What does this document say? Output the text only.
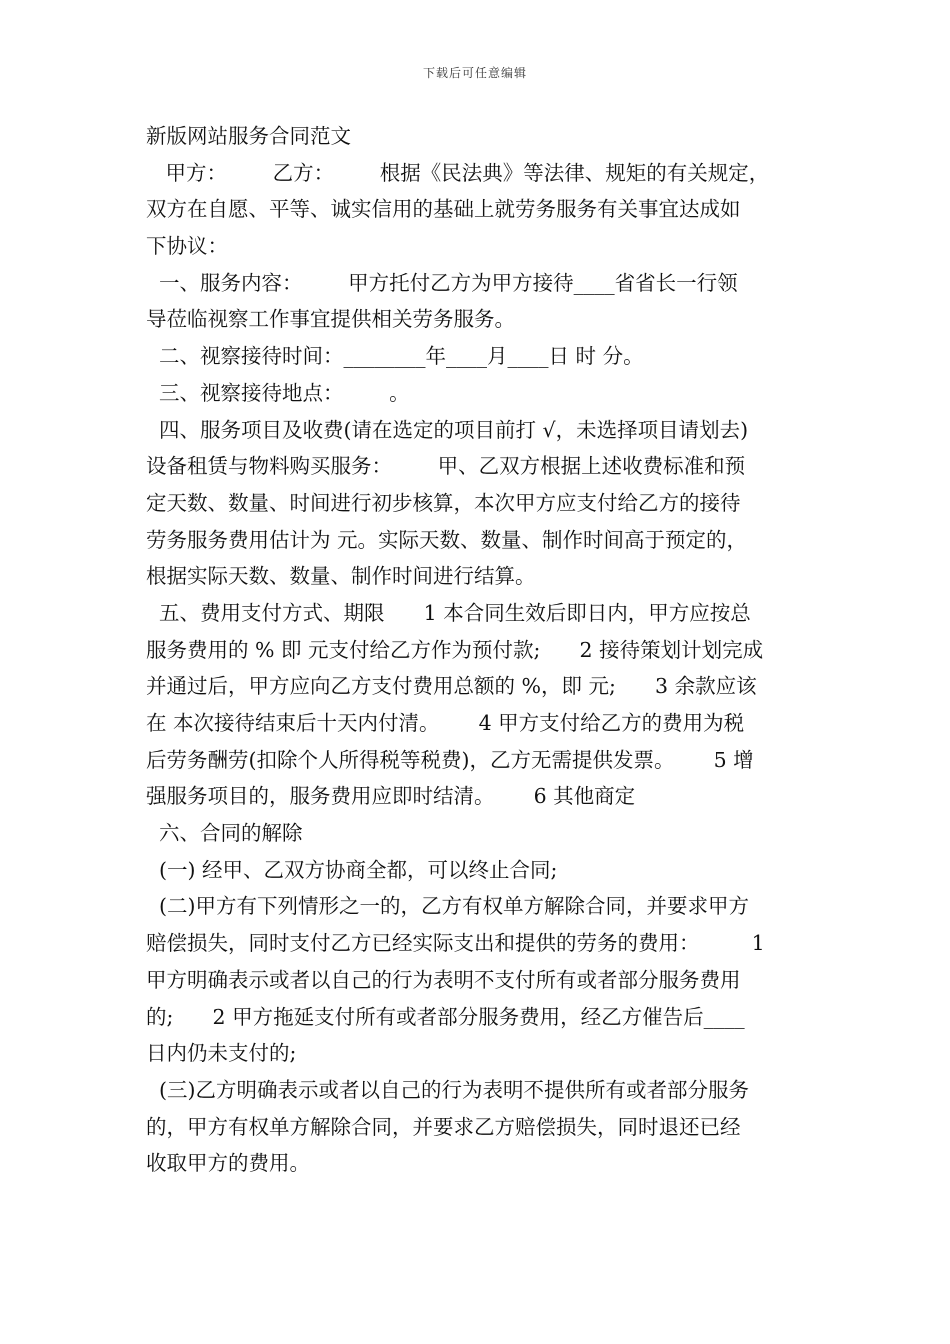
下载后可任意编辑
新版网站服务合同范文
甲方：       乙方：       根据《民法典》等法律、规矩的有关规定，
双方在自愿、平等、诚实信用的基础上就劳务服务有关事宜达成如
下协议：
一、服务内容：       甲方托付乙方为甲方接待____省省长一行领
导莅临视察工作事宜提供相关劳务服务。
二、视察接待时间：________年____月____日 时 分。
三、视察接待地点：       。
四、服务项目及收费(请在选定的项目前打 √，未选择项目请划去)
设备租赁与物料购买服务：       甲、乙双方根据上述收费标准和预
定天数、数量、时间进行初步核算，本次甲方应支付给乙方的接待
劳务服务费用估计为 元。实际天数、数量、制作时间高于预定的，
根据实际天数、数量、制作时间进行结算。
五、费用支付方式、期限      1 本合同生效后即日内，甲方应按总
服务费用的 % 即 元支付给乙方作为预付款;      2 接待策划计划完成
并通过后，甲方应向乙方支付费用总额的 %，即 元;      3 余款应该
在 本次接待结束后十天内付清。      4 甲方支付给乙方的费用为税
后劳务酬劳(扣除个人所得税等税费)，乙方无需提供发票。      5 增
强服务项目的，服务费用应即时结清。      6 其他商定
六、合同的解除
(一) 经甲、乙双方协商全都，可以终止合同;
(二)甲方有下列情形之一的，乙方有权单方解除合同，并要求甲方
赔偿损失，同时支付乙方已经实际支出和提供的劳务的费用：        1
甲方明确表示或者以自己的行为表明不支付所有或者部分服务费用
的;      2 甲方拖延支付所有或者部分服务费用，经乙方催告后____
日内仍未支付的;
(三)乙方明确表示或者以自己的行为表明不提供所有或者部分服务
的，甲方有权单方解除合同，并要求乙方赔偿损失，同时退还已经
收取甲方的费用。
